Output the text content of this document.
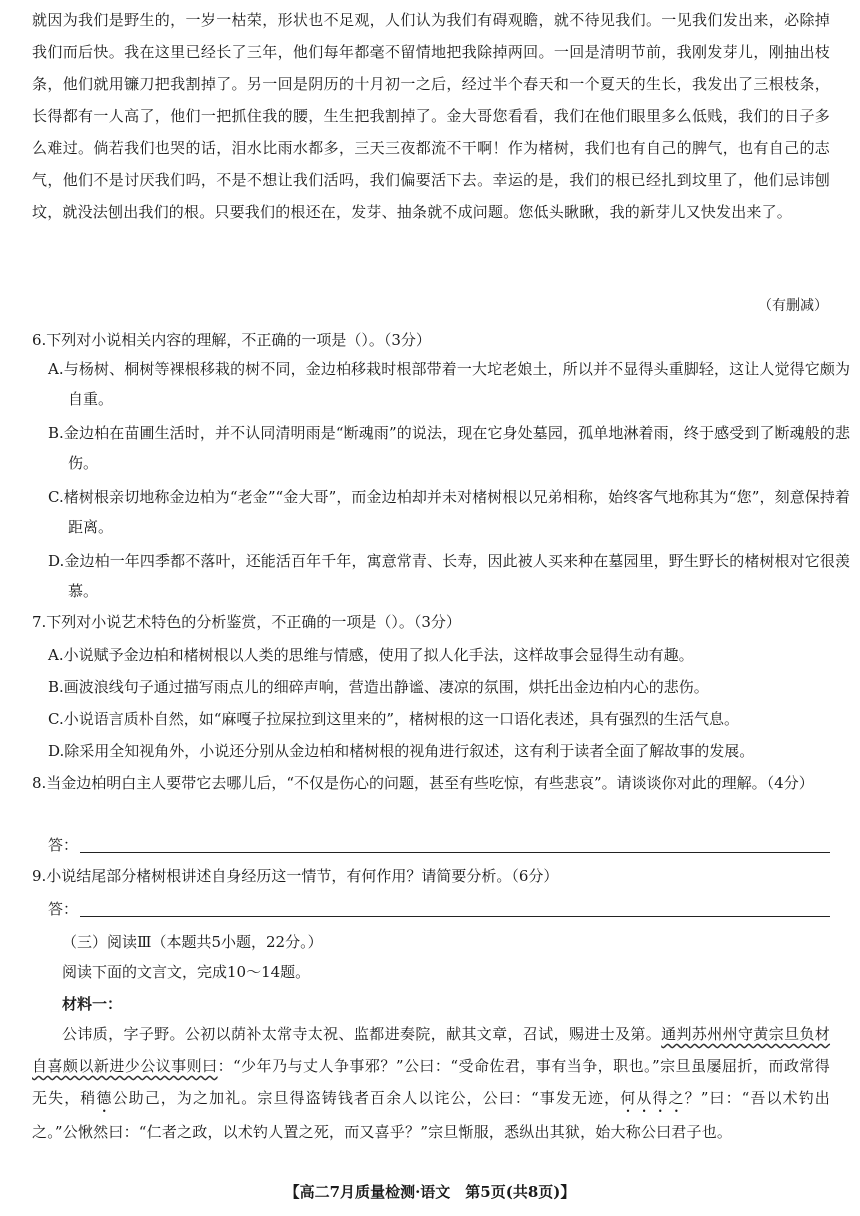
就因为我们是野生的，一岁一枯荣，形状也不足观，人们认为我们有碍观瞻，就不待见我们。一见我们发出来，必除掉我们而后快。我在这里已经长了三年，他们每年都毫不留情地把我除掉两回。一回是清明节前，我刚发芽儿，刚抽出枝条，他们就用镰刀把我割掉了。另一回是阴历的十月初一之后，经过半个春天和一个夏天的生长，我发出了三根枝条，长得都有一人高了，他们一把抓住我的腰，生生把我割掉了。金大哥您看看，我们在他们眼里多么低贱，我们的日子多么难过。倘若我们也哭的话，泪水比雨水都多，三天三夜都流不干啊！作为楮树，我们也有自己的脾气，也有自己的志气，他们不是讨厌我们吗，不是不想让我们活吗，我们偏要活下去。幸运的是，我们的根已经扎到坟里了，他们忌讳刨坟，就没法刨出我们的根。只要我们的根还在，发芽、抽条就不成问题。您低头瞅瞅，我的新芽儿又快发出来了。

（有删减）

6.下列对小说相关内容的理解，不正确的一项是（）。（3分）

A.与杨树、桐树等裸根移栽的树不同，金边柏移栽时根部带着一大坨老娘土，所以并不显得头重脚轻，这让人觉得它颇为自重。

B.金边柏在苗圃生活时，并不认同清明雨是“断魂雨”的说法，现在它身处墓园，孤单地淋着雨，终于感受到了断魂般的悲伤。

C.楮树根亲切地称金边柏为“老金”“金大哥”，而金边柏却并未对楮树根以兄弟相称，始终客气地称其为“您”，刻意保持着距离。

D.金边柏一年四季都不落叶，还能活百年千年，寓意常青、长寿，因此被人买来种在墓园里，野生野长的楮树根对它很羡慕。

7.下列对小说艺术特色的分析鉴赏，不正确的一项是（）。（3分）

A.小说赋予金边柏和楮树根以人类的思维与情感，使用了拟人化手法，这样故事会显得生动有趣。

B.画波浪线句子通过描写雨点儿的细碎声响，营造出静谧、凄凉的氛围，烘托出金边柏内心的悲伤。

C.小说语言质朴自然，如“麻嘎子拉屎拉到这里来的”，楮树根的这一口语化表述，具有强烈的生活气息。

D.除采用全知视角外，小说还分别从金边柏和楮树根的视角进行叙述，这有利于读者全面了解故事的发展。

8.当金边柏明白主人要带它去哪儿后，“不仅是伤心的问题，甚至有些吃惊，有些悲哀”。请谈谈你对此的理解。（4分）

答：

9.小说结尾部分楮树根讲述自身经历这一情节，有何作用？请简要分析。（6分）

答：

（三）阅读Ⅲ（本题共5小题，22分。）

阅读下面的文言文，完成10～14题。

材料一：

公讳质，字子野。公初以荫补太常寺太祝、监都进奏院，献其文章，召试，赐进士及第。通判苏州州守黄宗旦负材自喜颇以新进少公议事则曰：“少年乃与丈人争事邪？”公曰：“受命佐君，事有当争，职也。”宗旦虽屡屈折，而政常得无失，稍德公助己，为之加礼。宗旦得盗铸钱者百余人以诧公，公曰：“事发无迹，何从得之？”曰：“吾以术钓出之。”公愀然曰：“仁者之政，以术钓人置之死，而又喜乎？”宗旦惭服，悉纵出其狱，始大称公曰君子也。

【高二7月质量检测·语文　第5页(共8页)】
